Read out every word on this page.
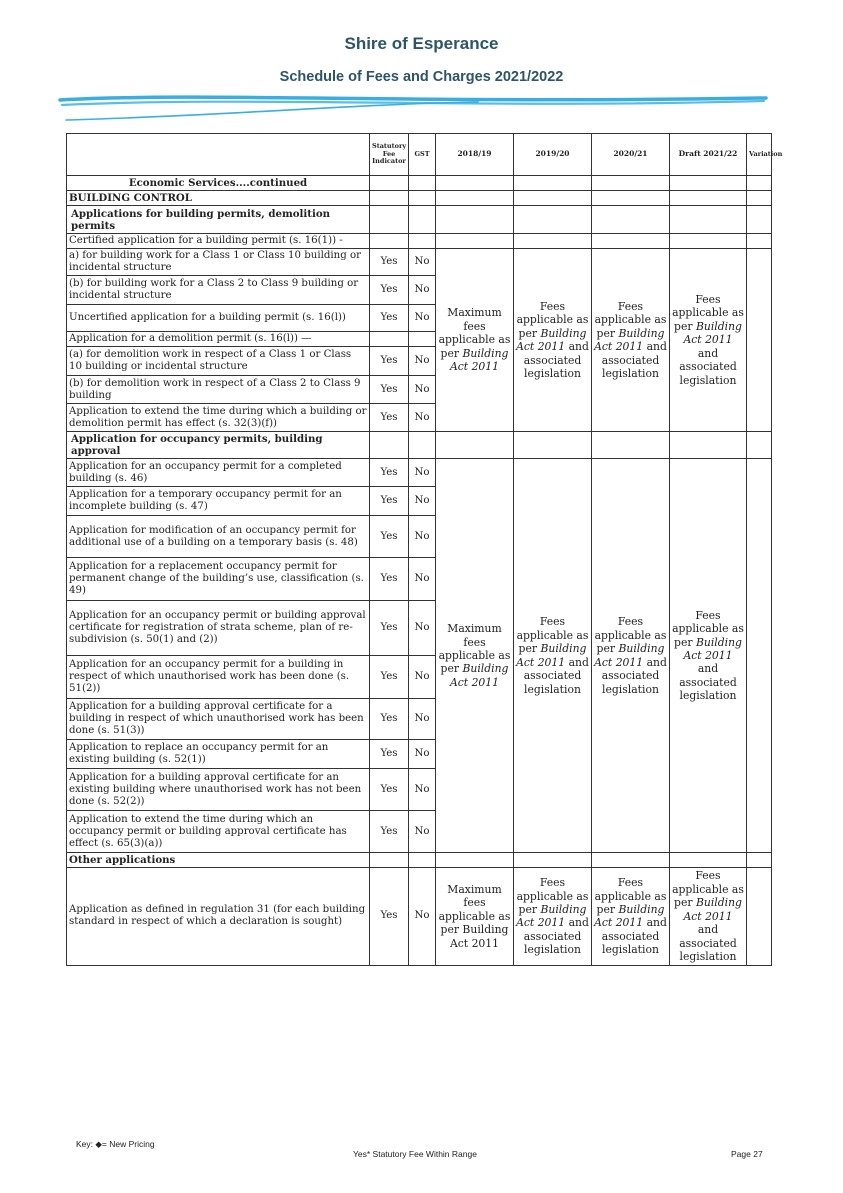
Shire of Esperance
Schedule of Fees and Charges 2021/2022
	Statutory Fee Indicator	GST	2018/19	2019/20	2020/21	Draft 2021/22	Variation
Economic Services....continued							
BUILDING CONTROL							
Applications for building permits, demolition permits							
Certified application for a building permit (s. 16(1)) -							
a) for building work for a Class 1 or Class 10 building or incidental structure	Yes	No	Maximum fees applicable as per Building Act 2011	Fees applicable as per Building Act 2011 and associated legislation	Fees applicable as per Building Act 2011 and associated legislation	Fees applicable as per Building Act 2011 and associated legislation	
(b) for building work for a Class 2 to Class 9 building or incidental structure	Yes	No					
Uncertified application for a building permit (s. 16(l))	Yes	No					
Application for a demolition permit (s. 16(l)) —							
(a) for demolition work in respect of a Class 1 or Class 10 building or incidental structure	Yes	No					
(b) for demolition work in respect of a Class 2 to Class 9 building	Yes	No					
Application to extend the time during which a building or demolition permit has effect (s. 32(3)(f))	Yes	No					
Application for occupancy permits, building approval							
Application for an occupancy permit for a completed building (s. 46)	Yes	No	Maximum fees applicable as per Building Act 2011	Fees applicable as per Building Act 2011 and associated legislation	Fees applicable as per Building Act 2011 and associated legislation	Fees applicable as per Building Act 2011 and associated legislation	
Application for a temporary occupancy permit for an incomplete building (s. 47)	Yes	No					
Application for modification of an occupancy permit for additional use of a building on a temporary basis (s. 48)	Yes	No					
Application for a replacement occupancy permit for permanent change of the building’s use, classification (s. 49)	Yes	No					
Application for an occupancy permit or building approval certificate for registration of strata scheme, plan of re-subdivision (s. 50(1) and (2))	Yes	No					
Application for an occupancy permit for a building in respect of which unauthorised work has been done (s. 51(2))	Yes	No					
Application for a building approval certificate for a building in respect of which unauthorised work has been done (s. 51(3))	Yes	No					
Application to replace an occupancy permit for an existing building (s. 52(1))	Yes	No					
Application for a building approval certificate for an existing building where unauthorised work has not been done (s. 52(2))	Yes	No					
Application to extend the time during which an occupancy permit or building approval certificate has effect (s. 65(3)(a))	Yes	No					
Other applications							
Application as defined in regulation 31 (for each building standard in respect of which a declaration is sought)	Yes	No	Maximum fees applicable as per Building Act 2011	Fees applicable as per Building Act 2011 and associated legislation	Fees applicable as per Building Act 2011 and associated legislation	Fees applicable as per Building Act 2011 and associated legislation	
Key: ◆= New Pricing
Yes* Statutory Fee Within Range	Page 27
